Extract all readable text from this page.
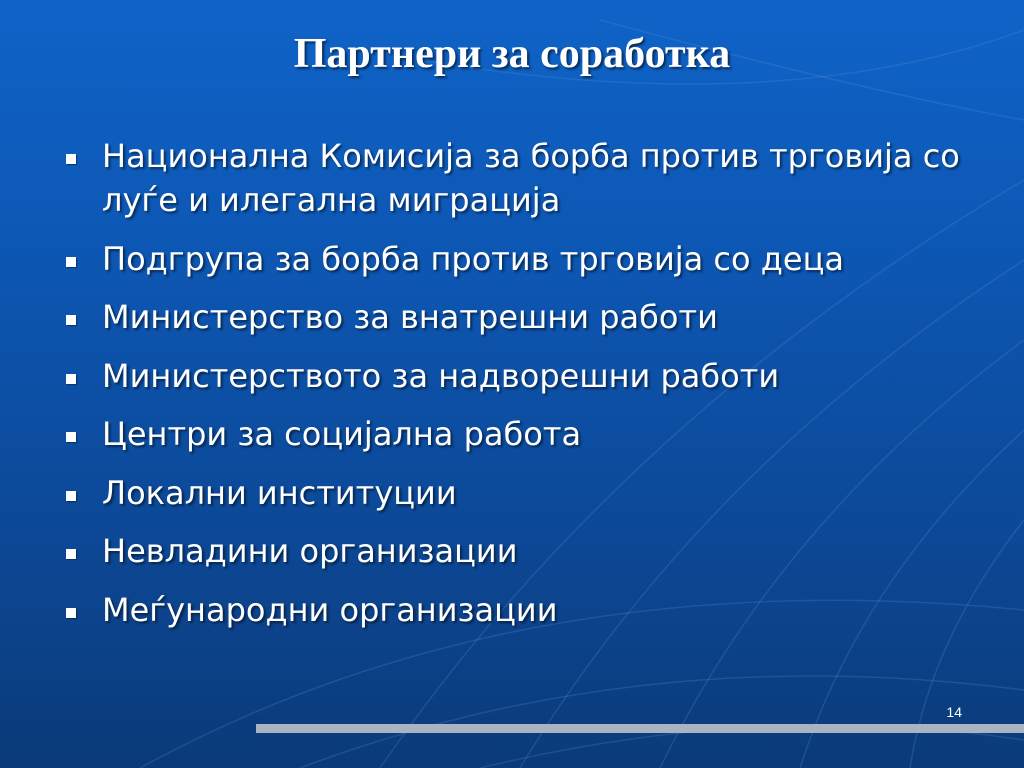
Партнери за соработка
Национална Комисија за борба против трговија со луѓе и илегална миграција
Подгрупа за борба против трговија со деца
Министерство за внатрешни работи
Министерството за надворешни работи
Центри за социјална работа
Локални институции
Невладини организации
Меѓународни организации
14
